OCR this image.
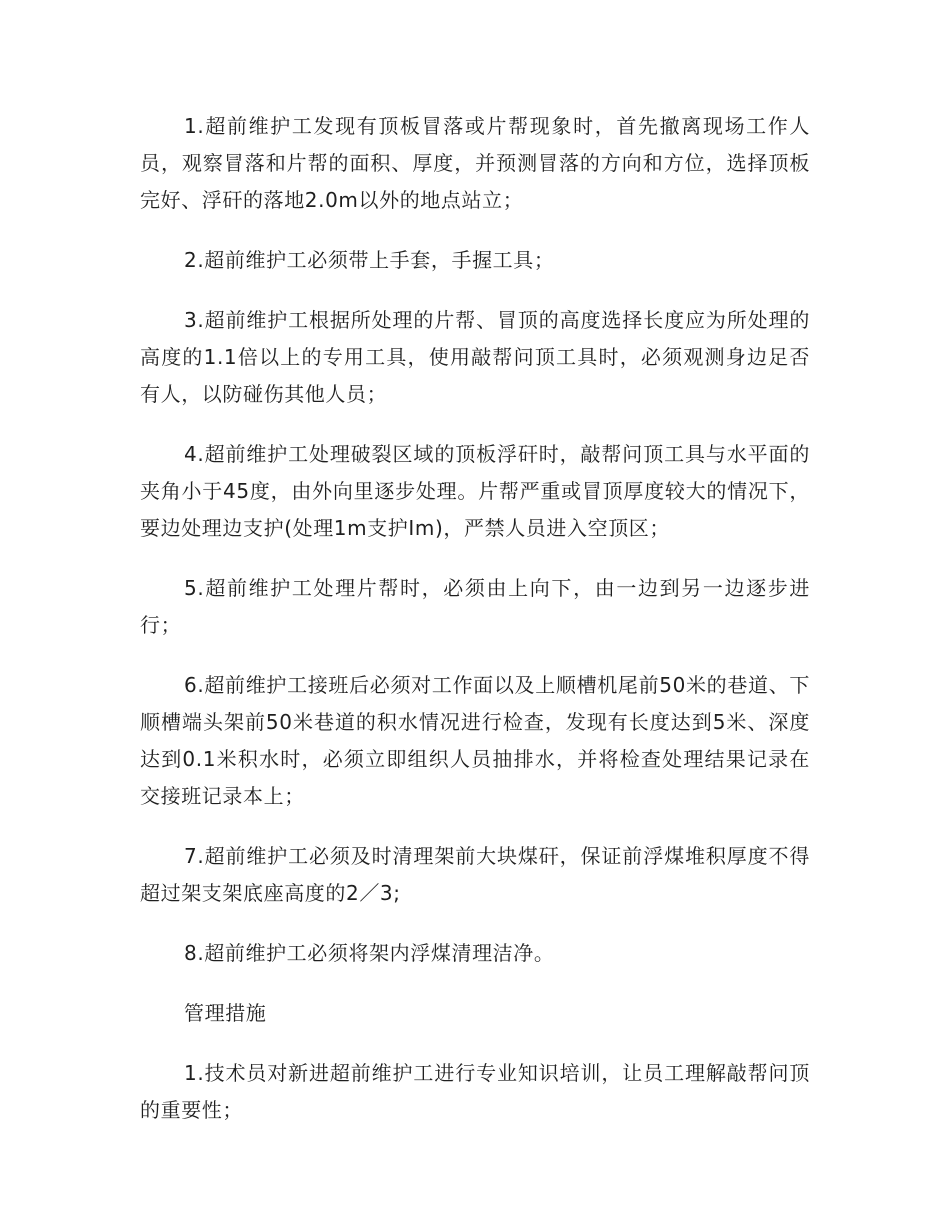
1.超前维护工发现有顶板冒落或片帮现象时，首先撤离现场工作人员，观察冒落和片帮的面积、厚度，并预测冒落的方向和方位，选择顶板完好、浮矸的落地2.0m以外的地点站立；

2.超前维护工必须带上手套，手握工具；

3.超前维护工根据所处理的片帮、冒顶的高度选择长度应为所处理的高度的1.1倍以上的专用工具，使用敲帮问顶工具时，必须观测身边足否有人，以防碰伤其他人员；

4.超前维护工处理破裂区域的顶板浮矸时，敲帮问顶工具与水平面的夹角小于45度，由外向里逐步处理。片帮严重或冒顶厚度较大的情况下，要边处理边支护(处理1m支护Im)，严禁人员进入空顶区；

5.超前维护工处理片帮时，必须由上向下，由一边到另一边逐步进行；

6.超前维护工接班后必须对工作面以及上顺槽机尾前50米的巷道、下顺槽端头架前50米巷道的积水情况进行检查，发现有长度达到5米、深度达到0.1米积水时，必须立即组织人员抽排水，并将检查处理结果记录在交接班记录本上；

7.超前维护工必须及时清理架前大块煤矸，保证前浮煤堆积厚度不得超过架支架底座高度的2／3;

8.超前维护工必须将架内浮煤清理洁净。

管理措施

1.技术员对新进超前维护工进行专业知识培训，让员工理解敲帮问顶的重要性；
